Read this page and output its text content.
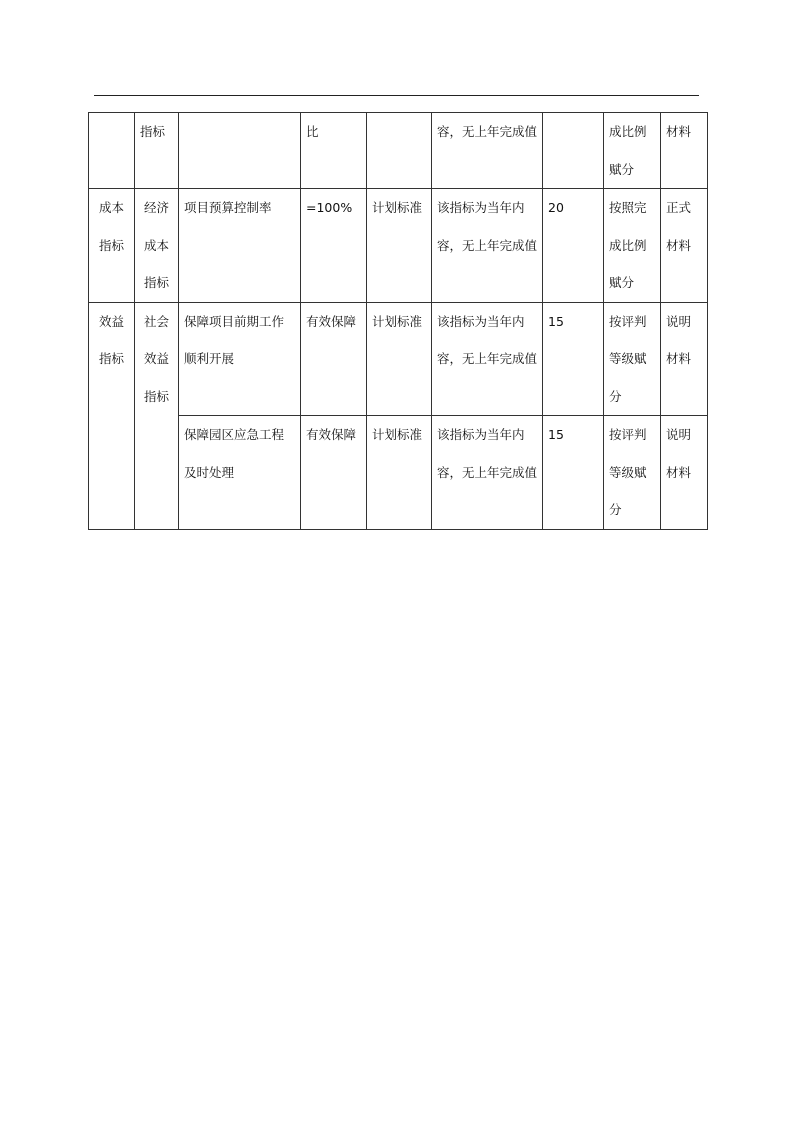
	指标		比		容，无上年完成值		成比例赋分	材料
成本指标	经济成本指标	项目预算控制率	=100%	计划标准	该指标为当年内容，无上年完成值	20	按照完成比例赋分	正式材料
效益指标	社会效益指标	保障项目前期工作顺利开展	有效保障	计划标准	该指标为当年内容，无上年完成值	15	按评判等级赋分	说明材料
		保障园区应急工程及时处理	有效保障	计划标准	该指标为当年内容，无上年完成值	15	按评判等级赋分	说明材料
